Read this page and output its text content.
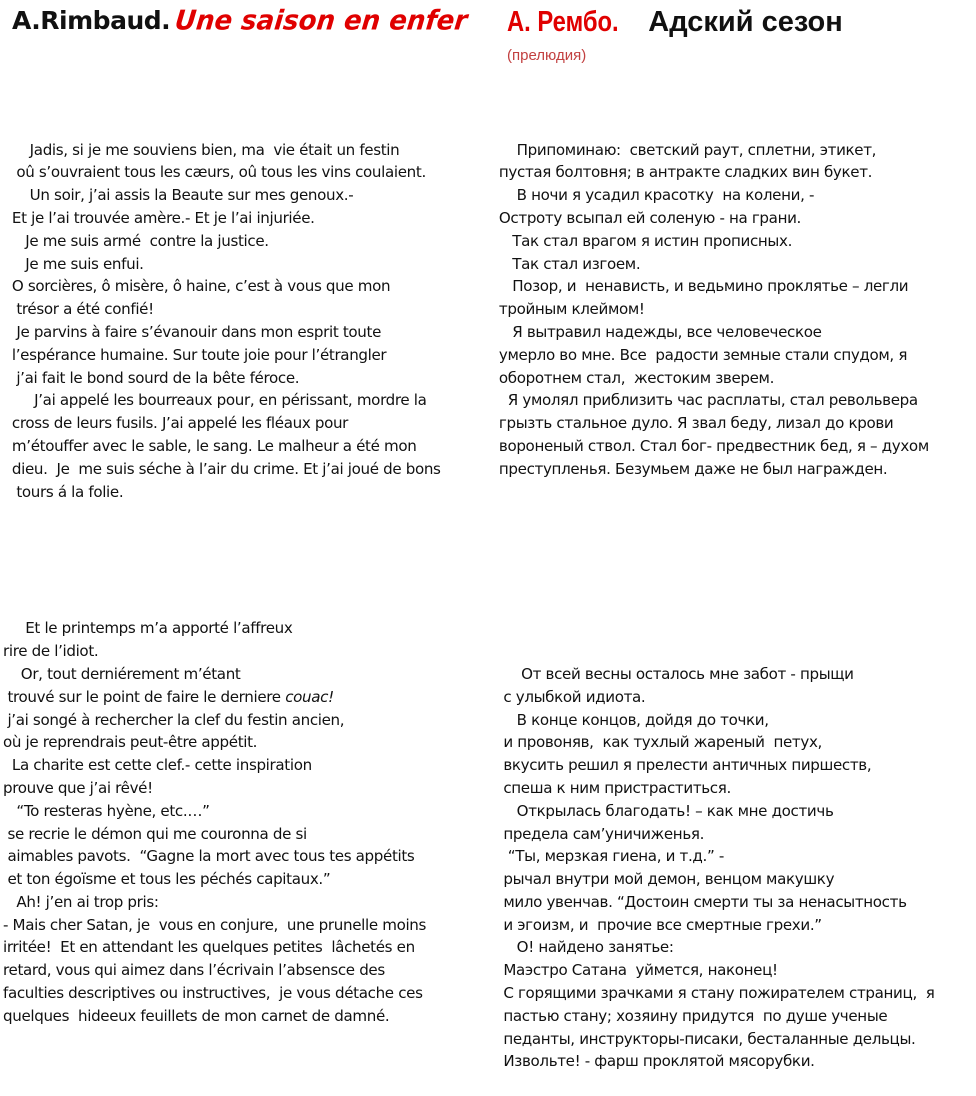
A.Rimbaud. Une saison en enfer А. Рембо. Адский сезон
(прелюдия)

Jadis, si je me souviens bien, ma  vie était un festin
oû s’ouvraient tous les cæurs, oû tous les vins coulaient.
Un soir, j’ai assis la Beaute sur mes genoux.-
Et je l’ai trouvée amère.- Et je l’ai injuriée.
Je me suis armé  contre la justice.
Je me suis enfui.
O sorcières, ô misère, ô haine, c’est à vous que mon
trésor a été confié!
Je parvins à faire s’évanouir dans mon esprit toute
l’espérance humaine. Sur toute joie pour l’étrangler
j’ai fait le bond sourd de la bête féroce.
J’ai appelé les bourreaux pour, en périssant, mordre la
cross de leurs fusils. J’ai appelé les fléaux pour
m’étouffer avec le sable, le sang. Le malheur a été mon
dieu.  Je  me suis séche à l’air du crime. Et j’ai joué de bons
tours á la folie.

Et le printemps m’a apporté l’affreux
rire de l’idiot.
Or, tout derniérement m’étant
trouvé sur le point de faire le derniere couac!
j’ai songé à rechercher la clef du festin ancien,
où je reprendrais peut-être appétit.
La charite est cette clef.- cette inspiration
prouve que j’ai rêvé!
“To resteras hyène, etc.…”
se recrie le démon qui me couronna de si
aimables pavots.  “Gagne la mort avec tous tes appétits
et ton égoïsme et tous les péchés capitaux.”
Ah! j’en ai trop pris:
- Mais cher Satan, je  vous en conjure,  une prunelle moins
irritée!  Et en attendant les quelques petites  lâchetés en
retard, vous qui aimez dans l’écrivain l’absensce des
faculties descriptives ou instructives,  je vous détache ces
quelques  hideeux feuillets de mon carnet de damné.

Припоминаю:  светский раут, сплетни, этикет,
пустая болтовня; в антракте сладких вин букет.
В ночи я усадил красотку  на колени, -
Остроту всыпал ей соленую - на грани.
Так стал врагом я истин прописных.
Так стал изгоем.
Позор, и  ненависть, и ведьмино проклятье – легли
тройным клеймом!
Я вытравил надежды, все человеческое
умерло во мне. Все  радости земные стали спудом, я
оборотнем стал,  жестоким зверем.
Я умолял приблизить час расплаты, стал револьвера
грызть стальное дуло. Я звал беду, лизал до крови
вороненый ствол. Стал бог- предвестник бед, я – духом
преступленья. Безумьем даже не был награжден.

От всей весны осталось мне забот - прыщи
с улыбкой идиота.
В конце концов, дойдя до точки,
и провоняв,  как тухлый жареный  петух,
вкусить решил я прелести античных пиршеств,
спеша к ним пристраститься.
Открылась благодать! – как мне достичь
предела сам’уничиженья.
“Ты, мерзкая гиена, и т.д.” -
рычал внутри мой демон, венцом макушку
мило увенчав. “Достоин смерти ты за ненасытность
и эгоизм, и  прочие все смертные грехи.”
О! найдено занятье:
Маэстро Сатана  уймется, наконец!
С горящими зрачками я стану пожирателем страниц,  я
пастью стану; хозяину придутся  по душе ученые
педанты, инструкторы-писаки, бесталанные дельцы.
Извольте! - фарш проклятой мясорубки.
